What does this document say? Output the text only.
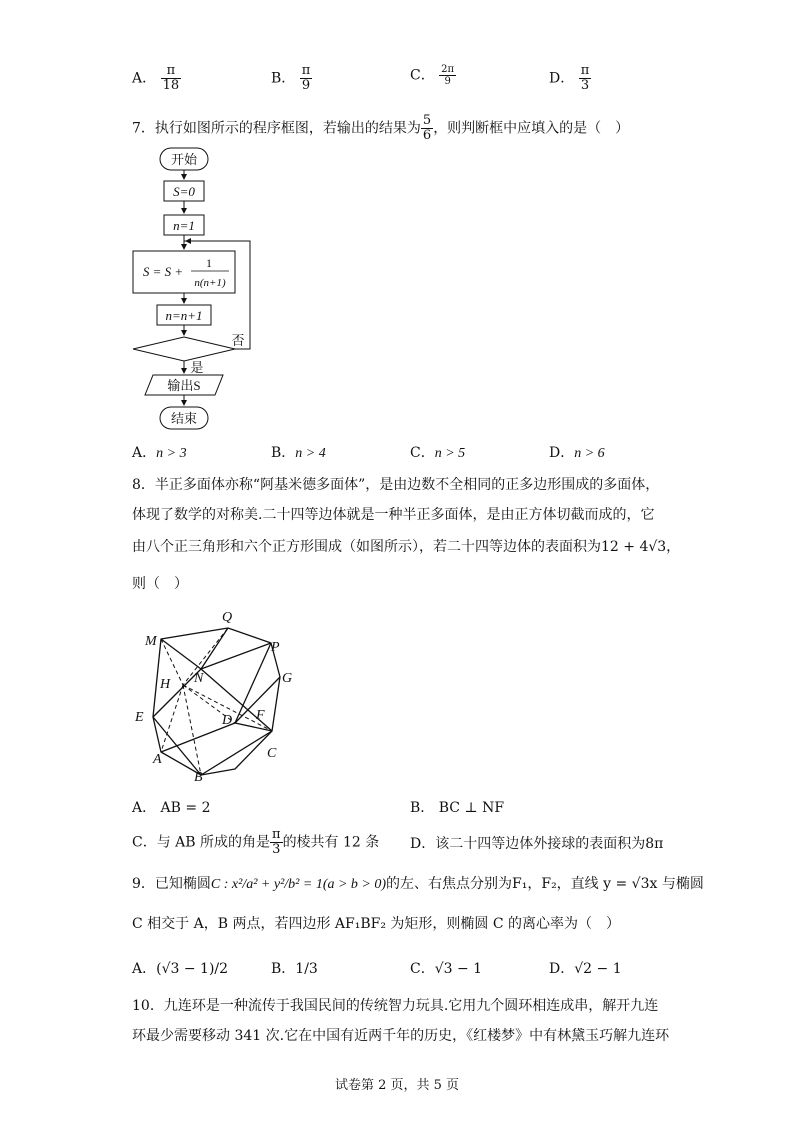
A． $\frac{\pi}{18}$	B． $\frac{\pi}{9}$	C． $\frac{2\pi}{9}$	D． $\frac{\pi}{3}$
7．执行如图所示的程序框图，若输出的结果为 $\frac{5}{6}$ ，则判断框中应填入的是（　）
开始
S=0
n=1
S = S +
1
n(n+1)
n=n+1
否
是
输出S
结束
A．n > 3	B．n > 4	C．n > 5	D．n > 6
8．半正多面体亦称“阿基米德多面体”，是由边数不全相同的正多边形围成的多面体，
体现了数学的对称美.二十四等边体就是一种半正多面体，是由正方体切截而成的，它
由八个正三角形和六个正方形围成（如图所示），若二十四等边体的表面积为12 + 4√3，
则（　）
Q
M	P
G
H N
E	D F
A
B
C
A． AB = 2	B． BC ⊥ NF
C．与 AB 所成的角是 $\frac{\pi}{3}$ 的棱共有 12 条 D．该二十四等边体外接球的表面积为8π
9．已知椭圆C : x²/a² + y²/b² = 1(a > b > 0)的左、右焦点分别为F₁，F₂，直线 y = √3x 与椭圆
C 相交于 A，B 两点，若四边形 AF₁BF₂ 为矩形，则椭圆 C 的离心率为（　）
A．(√3 − 1)/2	B．1/3	C．√3 − 1	D．√2 − 1
10．九连环是一种流传于我国民间的传统智力玩具.它用九个圆环相连成串，解开九连
环最少需要移动 341 次.它在中国有近两千年的历史，《红楼梦》中有林黛玉巧解九连环
试卷第 2 页，共 5 页
